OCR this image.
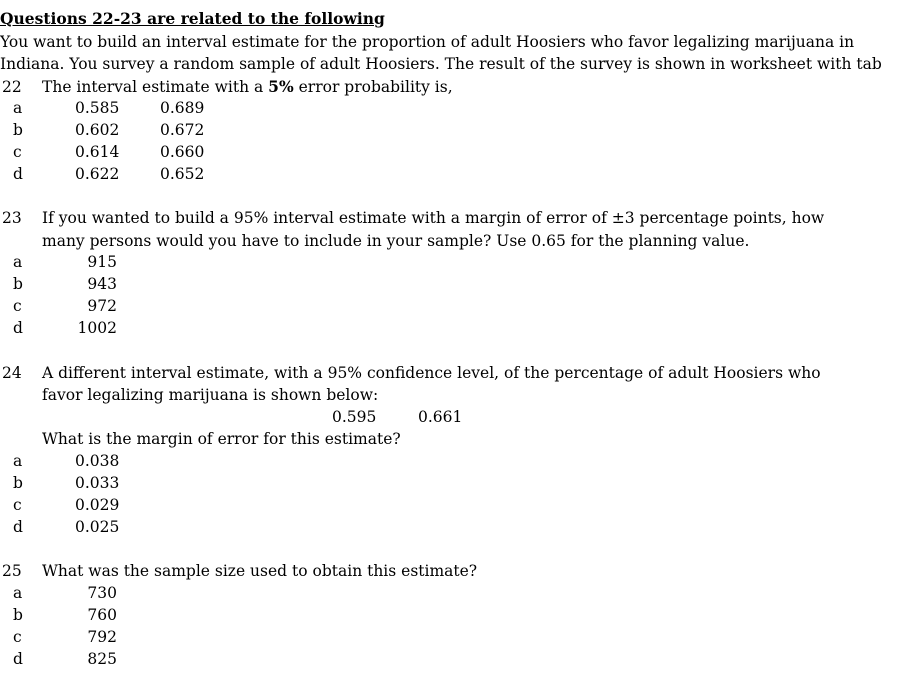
Questions 22-23 are related to the following
You want to build an interval estimate for the proportion of adult Hoosiers who favor legalizing marijuana in
Indiana. You survey a random sample of adult Hoosiers. The result of the survey is shown in worksheet with tab
22 The interval estimate with a 5% error probability is,
a	0.585	0.689
b	0.602	0.672
c	0.614	0.660
d	0.622	0.652
23 If you wanted to build a 95% interval estimate with a margin of error of ±3 percentage points, how
many persons would you have to include in your sample? Use 0.65 for the planning value.
a	915
b	943
c	972
d	1002
24 A different interval estimate, with a 95% confidence level, of the percentage of adult Hoosiers who
favor legalizing marijuana is shown below:
0.595	0.661
What is the margin of error for this estimate?
a	0.038
b	0.033
c	0.029
d	0.025
25 What was the sample size used to obtain this estimate?
a	730
b	760
c	792
d	825
